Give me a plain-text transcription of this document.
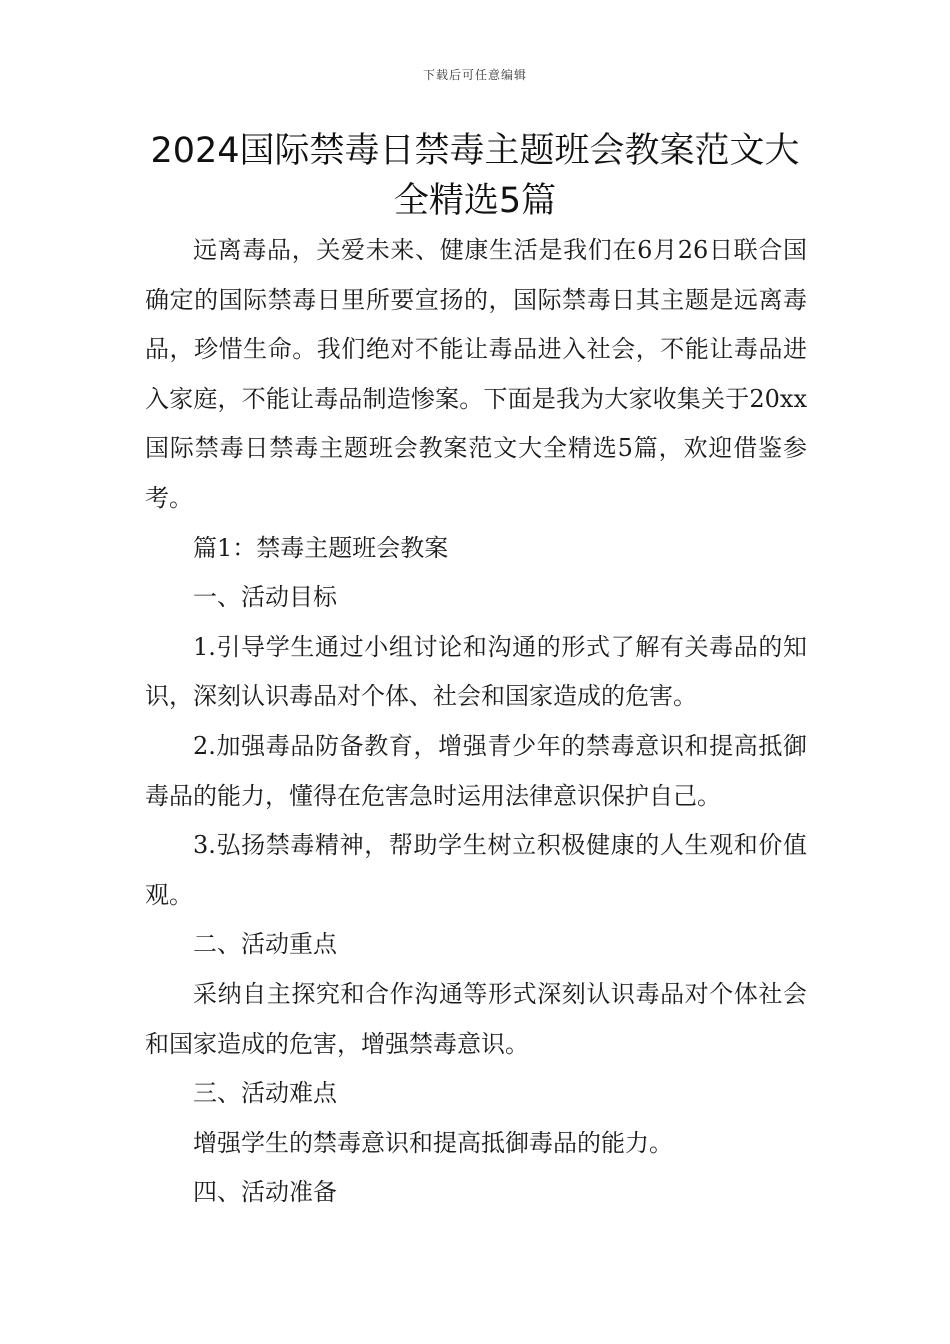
下载后可任意编辑
2024国际禁毒日禁毒主题班会教案范文大全精选5篇

远离毒品，关爱未来、健康生活是我们在6月26日联合国确定的国际禁毒日里所要宣扬的，国际禁毒日其主题是远离毒品，珍惜生命。我们绝对不能让毒品进入社会，不能让毒品进入家庭，不能让毒品制造惨案。下面是我为大家收集关于20xx国际禁毒日禁毒主题班会教案范文大全精选5篇，欢迎借鉴参考。

篇1：禁毒主题班会教案

一、活动目标

1.引导学生通过小组讨论和沟通的形式了解有关毒品的知识，深刻认识毒品对个体、社会和国家造成的危害。

2.加强毒品防备教育，增强青少年的禁毒意识和提高抵御毒品的能力，懂得在危害急时运用法律意识保护自己。

3.弘扬禁毒精神，帮助学生树立积极健康的人生观和价值观。

二、活动重点

采纳自主探究和合作沟通等形式深刻认识毒品对个体社会和国家造成的危害，增强禁毒意识。

三、活动难点

增强学生的禁毒意识和提高抵御毒品的能力。

四、活动准备
